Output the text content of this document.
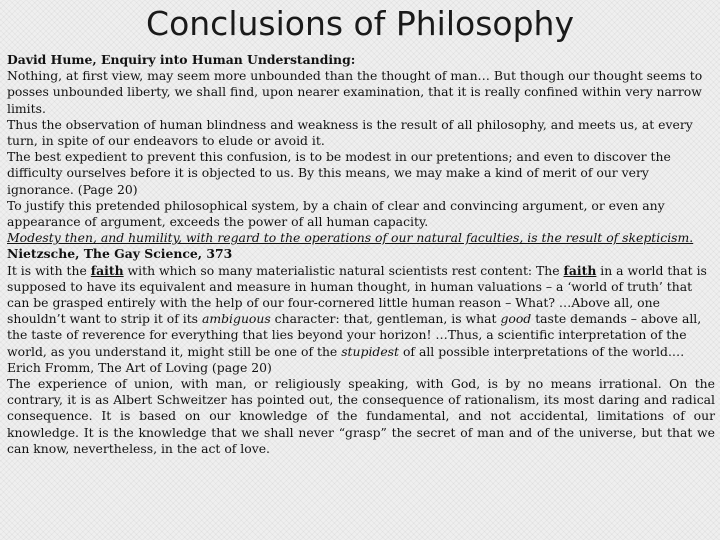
Conclusions of Philosophy

David Hume, Enquiry into Human Understanding:

Nothing, at first view, may seem more unbounded than the thought of man… But though our thought seems to posses unbounded liberty, we shall find, upon nearer examination, that it is really confined within very narrow limits.

Thus the observation of human blindness and weakness is the result of all philosophy, and meets us, at every turn, in spite of our endeavors to elude or avoid it.

The best expedient to prevent this confusion, is to be modest in our pretentions; and even to discover the difficulty ourselves before it is objected to us. By this means, we may make a kind of merit of our very ignorance. (Page 20)

To justify this pretended philosophical system, by a chain of clear and convincing argument, or even any appearance of argument, exceeds the power of all human capacity.

Modesty then, and humility, with regard to the operations of our natural faculties, is the result of skepticism.

Nietzsche, The Gay Science, 373

It is with the faith with which so many materialistic natural scientists rest content: The faith in a world that is supposed to have its equivalent and measure in human thought, in human valuations – a ‘world of truth’ that can be grasped entirely with the help of our four-cornered little human reason – What? …Above all, one shouldn’t want to strip it of its ambiguous character: that, gentleman, is what good taste demands – above all, the taste of reverence for everything that lies beyond your horizon! …Thus, a scientific interpretation of the world, as you understand it, might still be one of the stupidest of all possible interpretations of the world.…

Erich Fromm, The Art of Loving (page 20)

The experience of union, with man, or religiously speaking, with God, is by no means irrational. On the contrary, it is as Albert Schweitzer has pointed out, the consequence of rationalism, its most daring and radical consequence. It is based on our knowledge of the fundamental, and not accidental, limitations of our knowledge. It is the knowledge that we shall never “grasp” the secret of man and of the universe, but that we can know, nevertheless, in the act of love.
